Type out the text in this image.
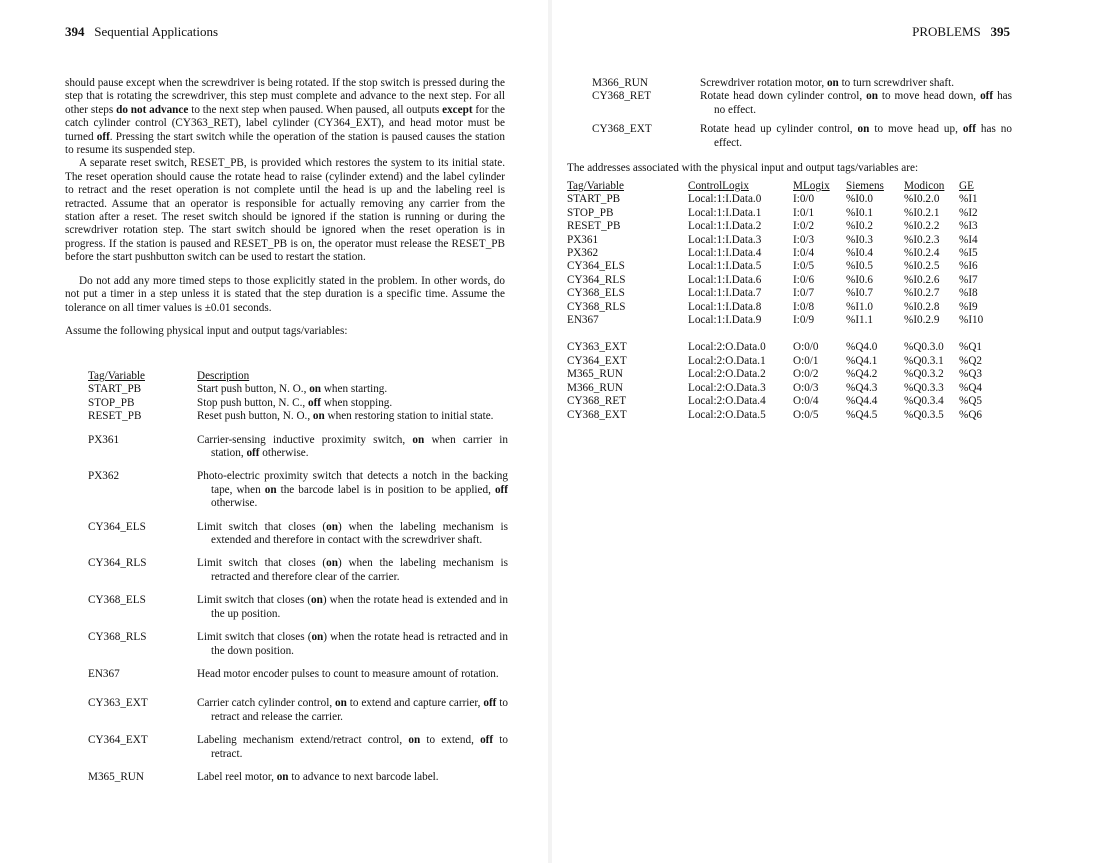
394 Sequential Applications

should pause except when the screwdriver is being rotated. If the stop switch is pressed during the step that is rotating the screwdriver, this step must complete and advance to the next step. For all other steps do not advance to the next step when paused. When paused, all outputs except for the catch cylinder control (CY363_RET), label cylinder (CY364_EXT), and head motor must be turned off. Pressing the start switch while the operation of the station is paused causes the station to resume its suspended step.

A separate reset switch, RESET_PB, is provided which restores the system to its initial state. The reset operation should cause the rotate head to raise (cylinder extend) and the label cylinder to retract and the reset operation is not complete until the head is up and the labeling reel is retracted. Assume that an operator is responsible for actually removing any carrier from the station after a reset. The reset switch should be ignored if the station is running or during the screwdriver rotation step. The start switch should be ignored when the reset operation is in progress. If the station is paused and RESET_PB is on, the operator must release the RESET_PB before the start pushbutton switch can be used to restart the station.

Do not add any more timed steps to those explicitly stated in the problem. In other words, do not put a timer in a step unless it is stated that the step duration is a specific time. Assume the tolerance on all timer values is ±0.01 seconds.

Assume the following physical input and output tags/variables:

Tag/Variable	Description
START_PB	Start push button, N. O., on when starting.
STOP_PB	Stop push button, N. C., off when stopping.
RESET_PB	Reset push button, N. O., on when restoring station to initial state.
PX361	Carrier-sensing inductive proximity switch, on when carrier in station, off otherwise.
PX362	Photo-electric proximity switch that detects a notch in the backing tape, when on the barcode label is in position to be applied, off otherwise.
CY364_ELS	Limit switch that closes (on) when the labeling mechanism is extended and therefore in contact with the screwdriver shaft.
CY364_RLS	Limit switch that closes (on) when the labeling mechanism is retracted and therefore clear of the carrier.
CY368_ELS	Limit switch that closes (on) when the rotate head is extended and in the up position.
CY368_RLS	Limit switch that closes (on) when the rotate head is retracted and in the down position.
EN367	Head motor encoder pulses to count to measure amount of rotation.
CY363_EXT	Carrier catch cylinder control, on to extend and capture carrier, off to retract and release the carrier.
CY364_EXT	Labeling mechanism extend/retract control, on to extend, off to retract.
M365_RUN	Label reel motor, on to advance to next barcode label.
PROBLEMS 395
M366_RUN	Screwdriver rotation motor, on to turn screwdriver shaft.
CY368_RET	Rotate head down cylinder control, on to move head down, off has no effect.
CY368_EXT	Rotate head up cylinder control, on to move head up, off has no effect.
The addresses associated with the physical input and output tags/variables are:
Tag/Variable	ControlLogix	MLogix	Siemens	Modicon	GE
START_PB	Local:1:I.Data.0	I:0/0	%I0.0	%I0.2.0	%I1
STOP_PB	Local:1:I.Data.1	I:0/1	%I0.1	%I0.2.1	%I2
RESET_PB	Local:1:I.Data.2	I:0/2	%I0.2	%I0.2.2	%I3
PX361	Local:1:I.Data.3	I:0/3	%I0.3	%I0.2.3	%I4
PX362	Local:1:I.Data.4	I:0/4	%I0.4	%I0.2.4	%I5
CY364_ELS	Local:1:I.Data.5	I:0/5	%I0.5	%I0.2.5	%I6
CY364_RLS	Local:1:I.Data.6	I:0/6	%I0.6	%I0.2.6	%I7
CY368_ELS	Local:1:I.Data.7	I:0/7	%I0.7	%I0.2.7	%I8
CY368_RLS	Local:1:I.Data.8	I:0/8	%I1.0	%I0.2.8	%I9
EN367	Local:1:I.Data.9	I:0/9	%I1.1	%I0.2.9	%I10
CY363_EXT	Local:2:O.Data.0	O:0/0	%Q4.0	%Q0.3.0	%Q1
CY364_EXT	Local:2:O.Data.1	O:0/1	%Q4.1	%Q0.3.1	%Q2
M365_RUN	Local:2:O.Data.2	O:0/2	%Q4.2	%Q0.3.2	%Q3
M366_RUN	Local:2:O.Data.3	O:0/3	%Q4.3	%Q0.3.3	%Q4
CY368_RET	Local:2:O.Data.4	O:0/4	%Q4.4	%Q0.3.4	%Q5
CY368_EXT	Local:2:O.Data.5	O:0/5	%Q4.5	%Q0.3.5	%Q6
